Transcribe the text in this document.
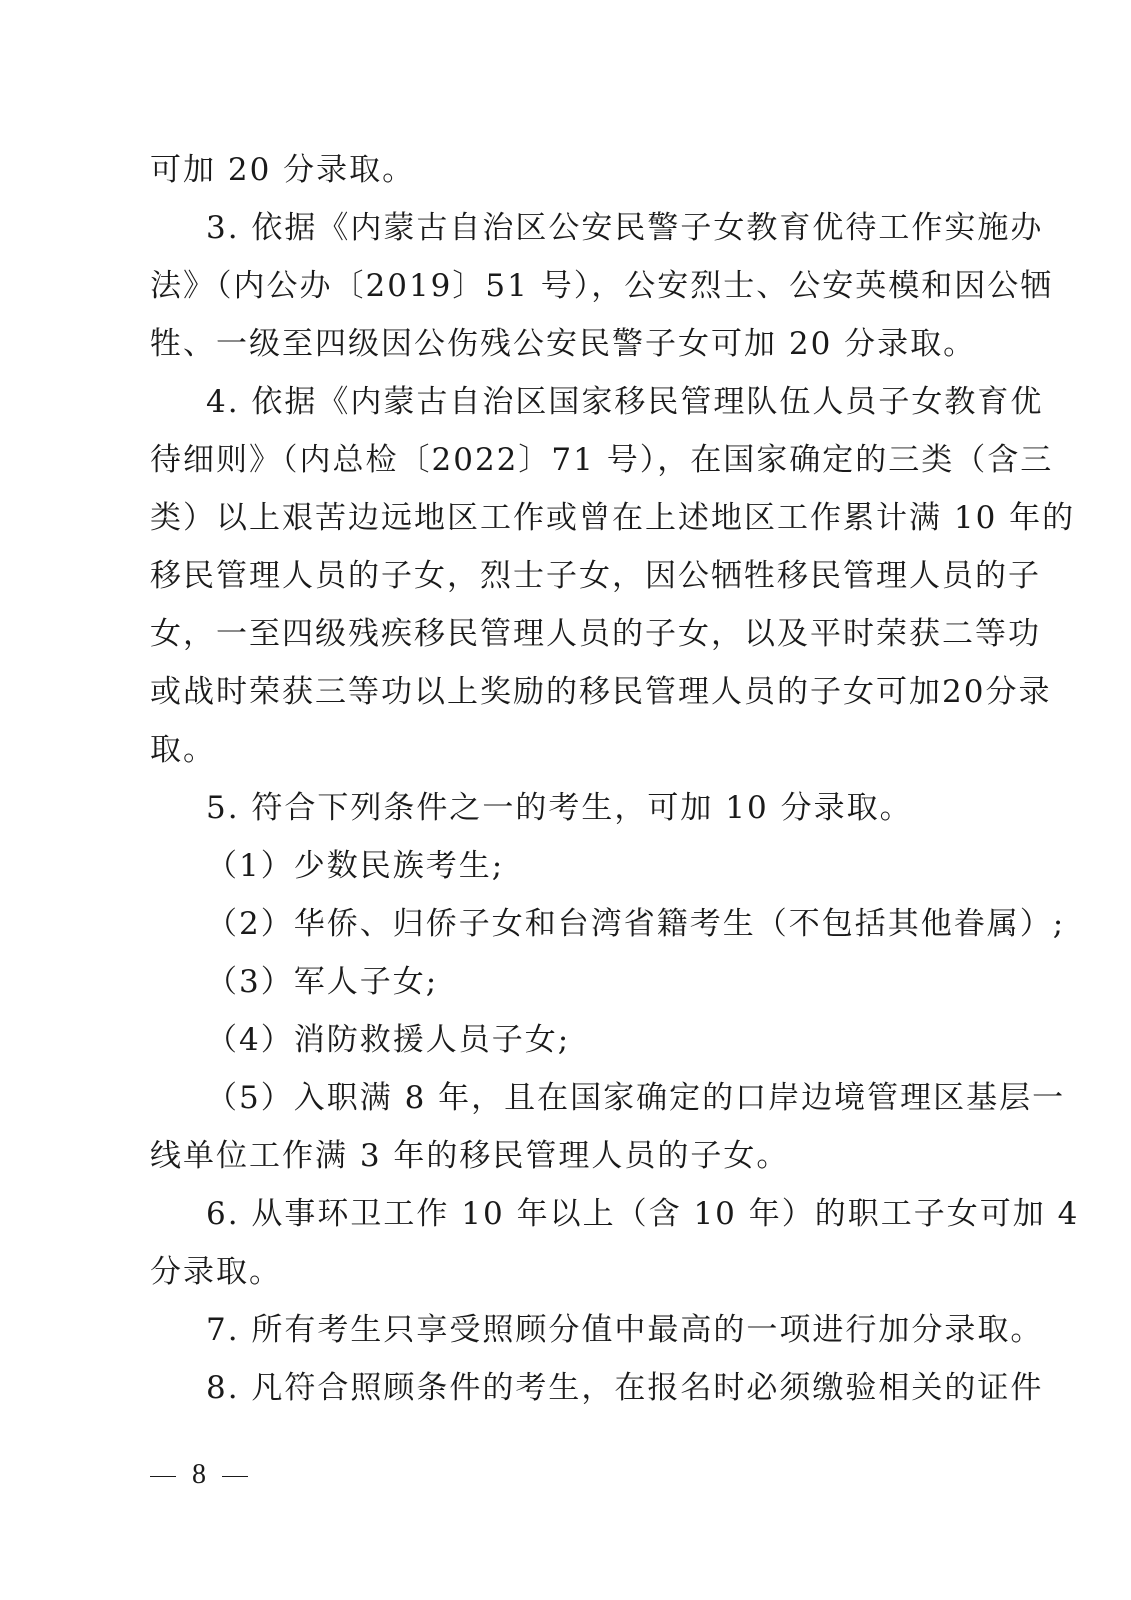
可加 20 分录取。
3. 依据《内蒙古自治区公安民警子女教育优待工作实施办
法》（内公办〔2019〕51 号），公安烈士、公安英模和因公牺
牲、一级至四级因公伤残公安民警子女可加 20 分录取。
4. 依据《内蒙古自治区国家移民管理队伍人员子女教育优
待细则》（内总检〔2022〕71 号），在国家确定的三类（含三
类）以上艰苦边远地区工作或曾在上述地区工作累计满 10 年的
移民管理人员的子女，烈士子女，因公牺牲移民管理人员的子
女，一至四级残疾移民管理人员的子女，以及平时荣获二等功
或战时荣获三等功以上奖励的移民管理人员的子女可加20分录
取。
5. 符合下列条件之一的考生，可加 10 分录取。
（1）少数民族考生;
（2）华侨、归侨子女和台湾省籍考生（不包括其他眷属）;
（3）军人子女;
（4）消防救援人员子女;
（5）入职满 8 年，且在国家确定的口岸边境管理区基层一
线单位工作满 3 年的移民管理人员的子女。
6. 从事环卫工作 10 年以上（含 10 年）的职工子女可加 4
分录取。
7. 所有考生只享受照顾分值中最高的一项进行加分录取。
8. 凡符合照顾条件的考生，在报名时必须缴验相关的证件
8
